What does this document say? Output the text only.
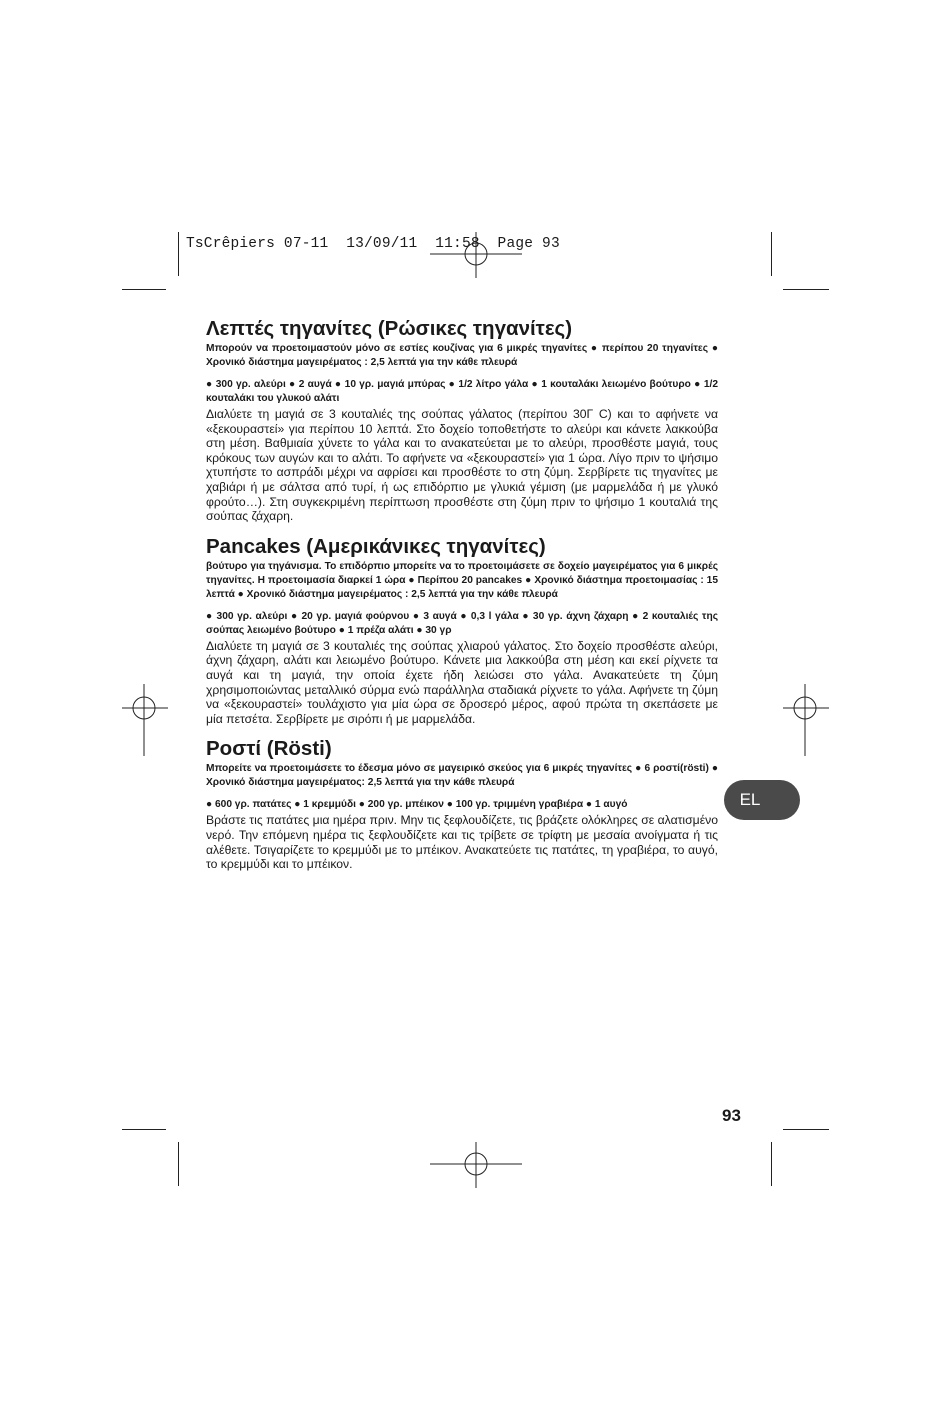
TsCrêpiers 07-11  13/09/11  11:58  Page 93
Λεπτές τηγανίτες (Ρώσικες τηγανίτες)

Μπορούν να προετοιμαστούν μόνο σε εστίες κουζίνας για 6 μικρές τηγανίτες ● περίπου 20 τηγανίτες ● Χρονικό διάστημα μαγειρέματος : 2,5 λεπτά για την κάθε πλευρά

● 300 γρ. αλεύρι ● 2 αυγά ● 10 γρ. μαγιά μπύρας ● 1/2 λίτρο γάλα ● 1 κουταλάκι λειωμένο βούτυρο ● 1/2 κουταλάκι του γλυκού αλάτι

Διαλύετε τη μαγιά σε 3 κουταλιές της σούπας γάλατος (περίπου 30Γ C) και το αφήνετε να «ξεκουραστεί» για περίπου 10 λεπτά. Στο δοχείο τοποθετήστε το αλεύρι και κάνετε λακκούβα στη μέση. Βαθμιαία χύνετε το γάλα και το ανακατεύεται με το αλεύρι, προσθέστε μαγιά, τους κρόκους των αυγών και το αλάτι. Το αφήνετε να «ξεκουραστεί» για 1 ώρα. Λίγο πριν το ψήσιμο χτυπήστε το ασπράδι μέχρι να αφρίσει και προσθέστε το στη ζύμη. Σερβίρετε τις τηγανίτες με χαβιάρι ή με σάλτσα από τυρί, ή ως επιδόρπιο με γλυκιά γέμιση (με μαρμελάδα ή με γλυκό φρούτο…). Στη συγκεκριμένη περίπτωση προσθέστε στη ζύμη πριν το ψήσιμο 1 κουταλιά της σούπας ζάχαρη.

Pancakes (Αμερικάνικες τηγανίτες)

βούτυρο για τηγάνισμα. Το επιδόρπιο μπορείτε να το προετοιμάσετε σε δοχείο μαγειρέματος για 6 μικρές τηγανίτες. Η προετοιμασία διαρκεί 1 ώρα ● Περίπου 20 pancakes ● Χρονικό διάστημα προετοιμασίας : 15 λεπτά ● Χρονικό διάστημα μαγειρέματος : 2,5 λεπτά για την κάθε πλευρά

● 300 γρ. αλεύρι ● 20 γρ. μαγιά φούρνου ● 3 αυγά ● 0,3 l γάλα ● 30 γρ. άχνη ζάχαρη ● 2 κουταλιές της σούπας λειωμένο βούτυρο ● 1 πρέζα αλάτι ● 30 γρ

Διαλύετε τη μαγιά σε 3 κουταλιές της σούπας χλιαρού γάλατος. Στο δοχείο προσθέστε αλεύρι, άχνη ζάχαρη, αλάτι και λειωμένο βούτυρο. Κάνετε μια λακκούβα στη μέση και εκεί ρίχνετε τα αυγά και τη μαγιά, την οποία έχετε ήδη λειώσει στο γάλα. Ανακατεύετε τη ζύμη χρησιμοποιώντας μεταλλικό σύρμα ενώ παράλληλα σταδιακά ρίχνετε το γάλα. Αφήνετε τη ζύμη να «ξεκουραστεί» τουλάχιστο για μία ώρα σε δροσερό μέρος, αφού πρώτα τη σκεπάσετε με μία πετσέτα. Σερβίρετε με σιρόπι ή με μαρμελάδα.

Ροστί (Rösti)

Μπορείτε να προετοιμάσετε το έδεσμα μόνο σε μαγειρικό σκεύος για 6 μικρές τηγανίτες ● 6 ροστί(rösti) ● Χρονικό διάστημα μαγειρέματος: 2,5 λεπτά για την κάθε πλευρά

● 600 γρ. πατάτες ● 1 κρεμμύδι ● 200 γρ. μπέικον ● 100 γρ. τριμμένη γραβιέρα ● 1 αυγό

Βράστε τις πατάτες μια ημέρα πριν. Μην τις ξεφλουδίζετε, τις βράζετε ολόκληρες σε αλατισμένο νερό. Την επόμενη ημέρα τις ξεφλουδίζετε και τις τρίβετε σε τρίφτη με μεσαία ανοίγματα ή τις αλέθετε. Τσιγαρίζετε το κρεμμύδι με το μπέικον. Ανακατεύετε τις πατάτες, τη γραβιέρα, το αυγό, το κρεμμύδι και το μπέικον.

EL
93
